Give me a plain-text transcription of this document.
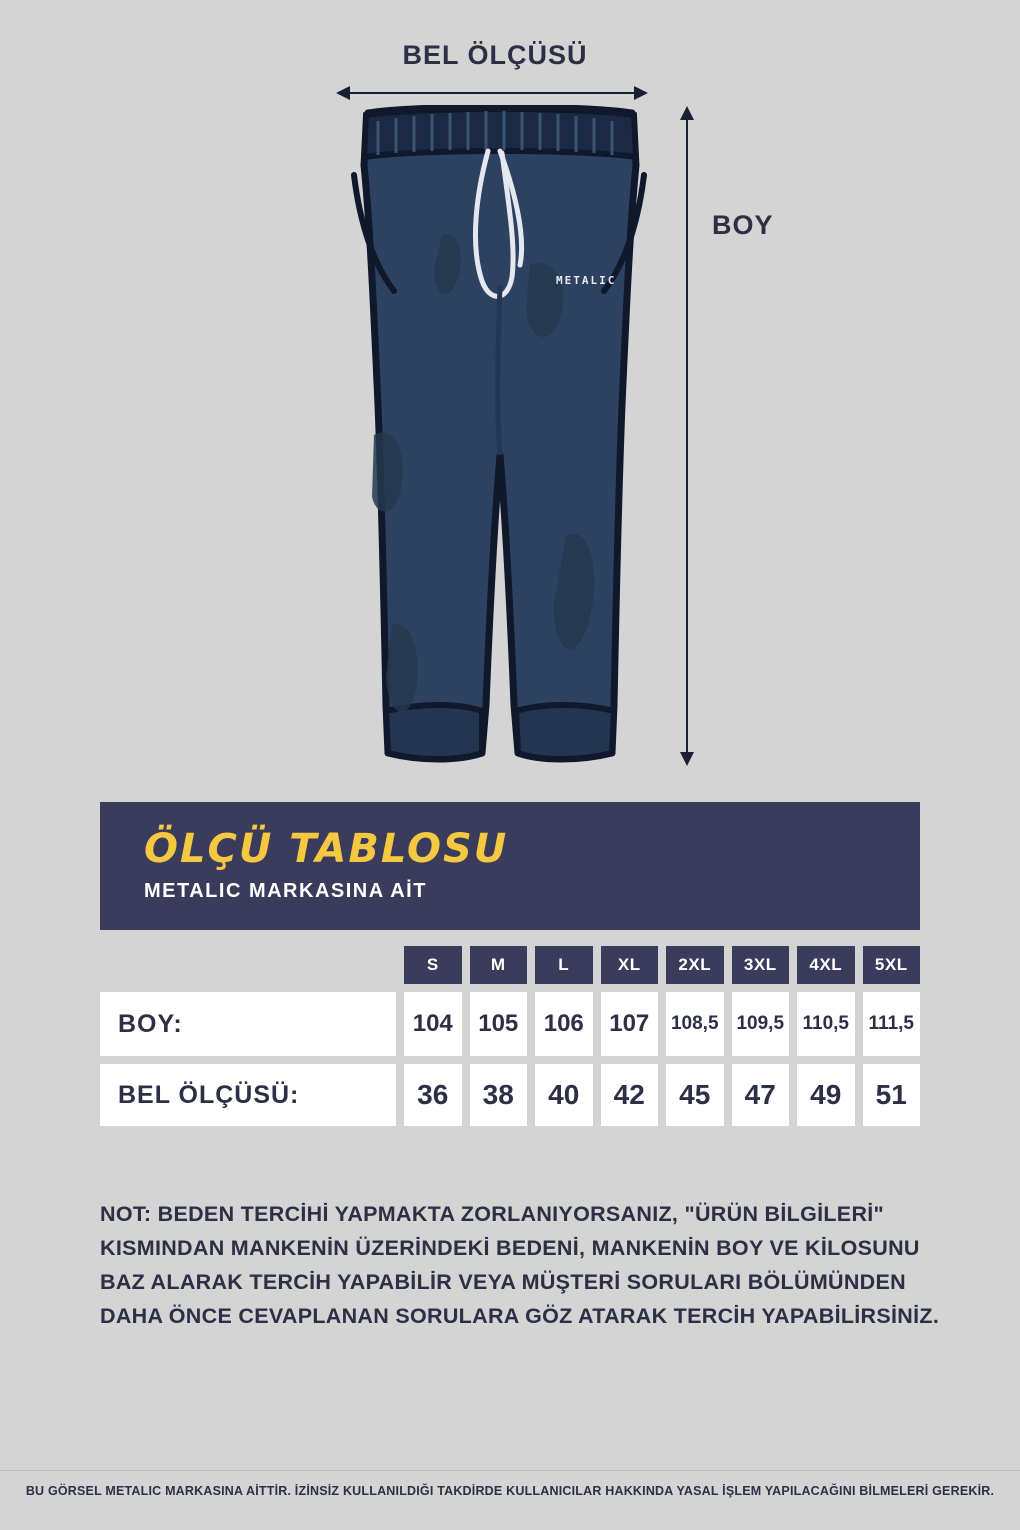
BEL ÖLÇÜSÜ
BOY
METALIC
ÖLÇÜ TABLOSU
METALIC MARKASINA AİT
S	M	L	XL	2XL	3XL	4XL	5XL
BOY:	104	105	106	107	108,5 109,5 110,5	111,5
BEL ÖLÇÜSÜ:	36	38	40	42	45	47	49	51
NOT: BEDEN TERCİHİ YAPMAKTA ZORLANIYORSANIZ, "ÜRÜN BİLGİLERİ"
KISMINDAN MANKENİN ÜZERİNDEKİ BEDENİ, MANKENİN BOY VE KİLOSUNU
BAZ ALARAK TERCİH YAPABİLİR VEYA MÜŞTERİ SORULARI BÖLÜMÜNDEN
DAHA ÖNCE CEVAPLANAN SORULARA GÖZ ATARAK TERCİH YAPABİLİRSİNİZ.
BU GÖRSEL METALIC MARKASINA AİTTİR. İZİNSİZ KULLANILDIĞI TAKDİRDE KULLANICILAR HAKKINDA YASAL İŞLEM YAPILACAĞINI BİLMELERİ GEREKİR.
